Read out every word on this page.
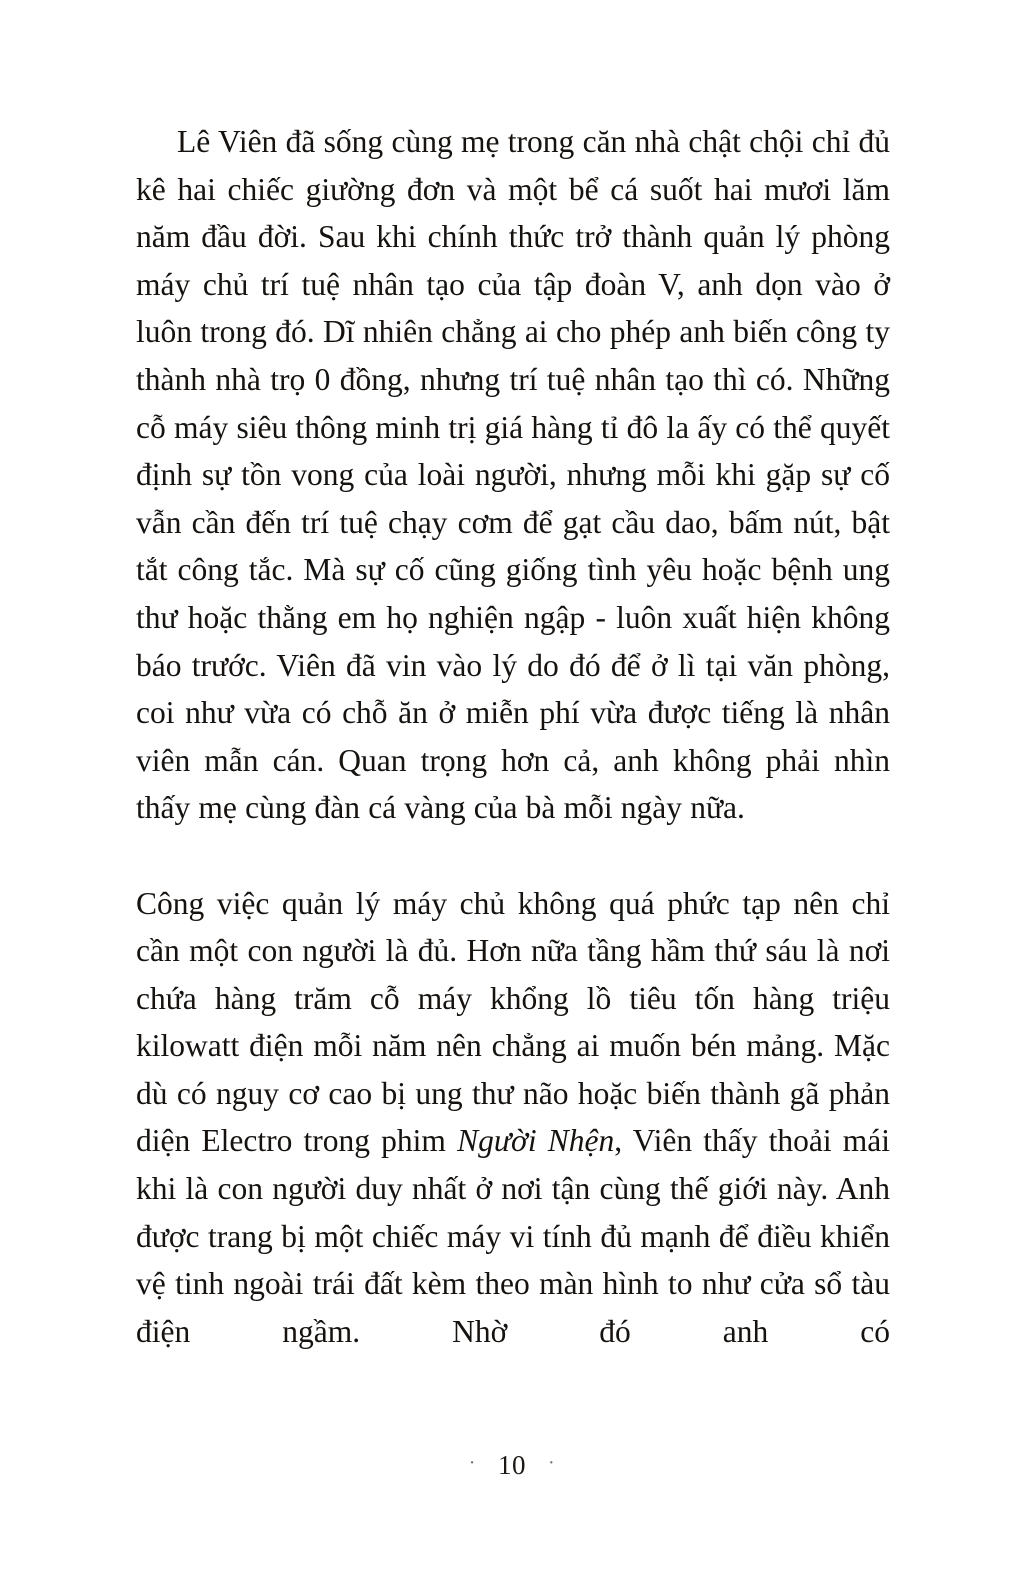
Lê Viên đã sống cùng mẹ trong căn nhà chật chội chỉ đủ kê hai chiếc giường đơn và một bể cá suốt hai mươi lăm năm đầu đời. Sau khi chính thức trở thành quản lý phòng máy chủ trí tuệ nhân tạo của tập đoàn V, anh dọn vào ở luôn trong đó. Dĩ nhiên chẳng ai cho phép anh biến công ty thành nhà trọ 0 đồng, nhưng trí tuệ nhân tạo thì có. Những cỗ máy siêu thông minh trị giá hàng tỉ đô la ấy có thể quyết định sự tồn vong của loài người, nhưng mỗi khi gặp sự cố vẫn cần đến trí tuệ chạy cơm để gạt cầu dao, bấm nút, bật tắt công tắc. Mà sự cố cũng giống tình yêu hoặc bệnh ung thư hoặc thằng em họ nghiện ngập - luôn xuất hiện không báo trước. Viên đã vin vào lý do đó để ở lì tại văn phòng, coi như vừa có chỗ ăn ở miễn phí vừa được tiếng là nhân viên mẫn cán. Quan trọng hơn cả, anh không phải nhìn thấy mẹ cùng đàn cá vàng của bà mỗi ngày nữa.

Công việc quản lý máy chủ không quá phức tạp nên chỉ cần một con người là đủ. Hơn nữa tầng hầm thứ sáu là nơi chứa hàng trăm cỗ máy khổng lồ tiêu tốn hàng triệu kilowatt điện mỗi năm nên chẳng ai muốn bén mảng. Mặc dù có nguy cơ cao bị ung thư não hoặc biến thành gã phản diện Electro trong phim Người Nhện, Viên thấy thoải mái khi là con người duy nhất ở nơi tận cùng thế giới này. Anh được trang bị một chiếc máy vi tính đủ mạnh để điều khiển vệ tinh ngoài trái đất kèm theo màn hình to như cửa sổ tàu điện ngầm. Nhờ đó anh có

· 10 ·
